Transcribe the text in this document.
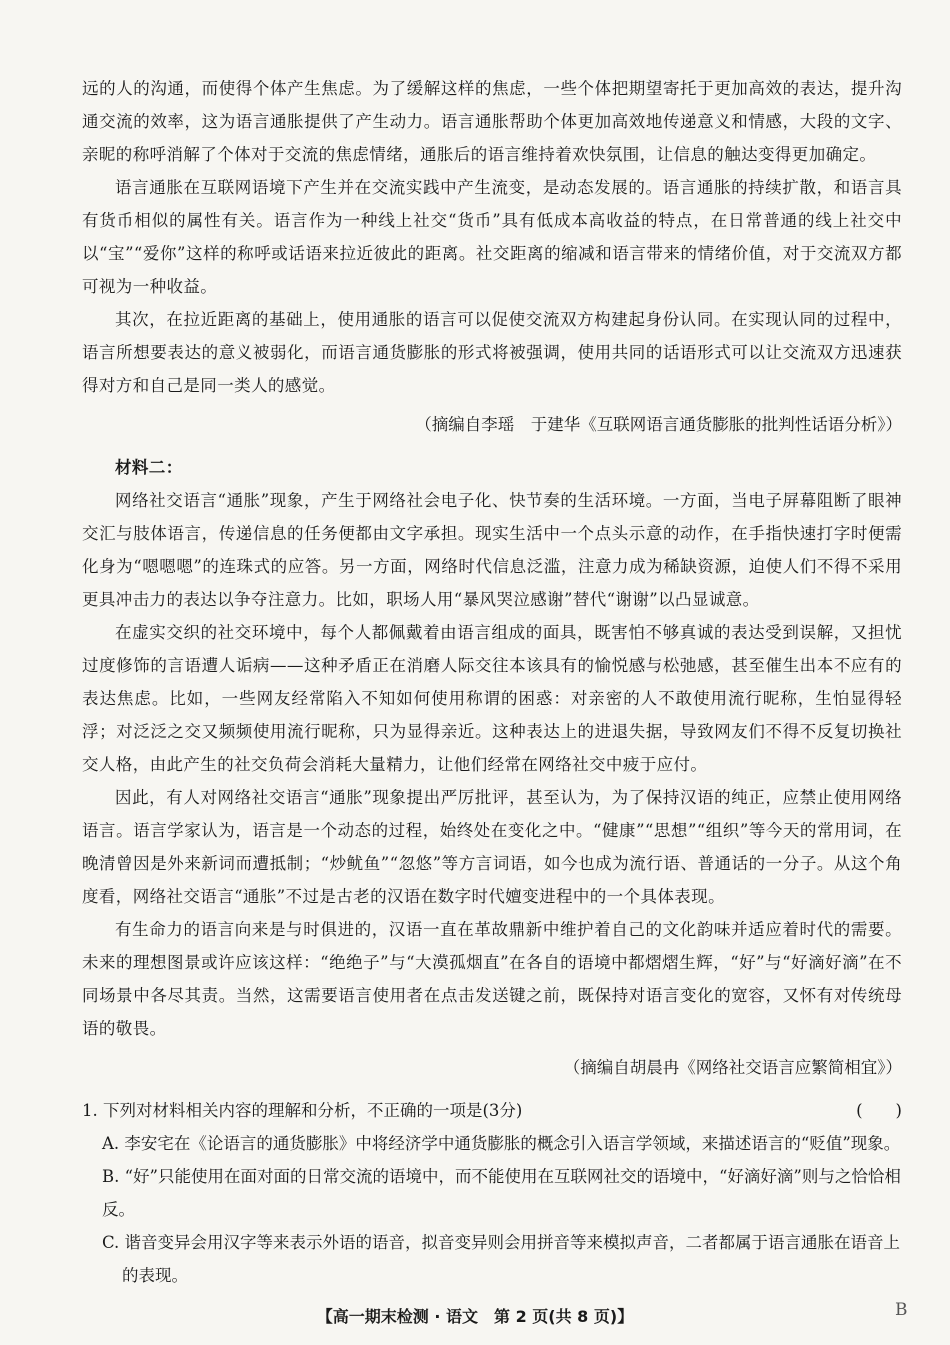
远的人的沟通，而使得个体产生焦虑。为了缓解这样的焦虑，一些个体把期望寄托于更加高效的表达，提升沟通交流的效率，这为语言通胀提供了产生动力。语言通胀帮助个体更加高效地传递意义和情感，大段的文字、亲昵的称呼消解了个体对于交流的焦虑情绪，通胀后的语言维持着欢快氛围，让信息的触达变得更加确定。

语言通胀在互联网语境下产生并在交流实践中产生流变，是动态发展的。语言通胀的持续扩散，和语言具有货币相似的属性有关。语言作为一种线上社交“货币”具有低成本高收益的特点，在日常普通的线上社交中以“宝”“爱你”这样的称呼或话语来拉近彼此的距离。社交距离的缩减和语言带来的情绪价值，对于交流双方都可视为一种收益。

其次，在拉近距离的基础上，使用通胀的语言可以促使交流双方构建起身份认同。在实现认同的过程中，语言所想要表达的意义被弱化，而语言通货膨胀的形式将被强调，使用共同的话语形式可以让交流双方迅速获得对方和自己是同一类人的感觉。

（摘编自李瑶　于建华《互联网语言通货膨胀的批判性话语分析》）

材料二：

网络社交语言“通胀”现象，产生于网络社会电子化、快节奏的生活环境。一方面，当电子屏幕阻断了眼神交汇与肢体语言，传递信息的任务便都由文字承担。现实生活中一个点头示意的动作，在手指快速打字时便需化身为“嗯嗯嗯”的连珠式的应答。另一方面，网络时代信息泛滥，注意力成为稀缺资源，迫使人们不得不采用更具冲击力的表达以争夺注意力。比如，职场人用“暴风哭泣感谢”替代“谢谢”以凸显诚意。

在虚实交织的社交环境中，每个人都佩戴着由语言组成的面具，既害怕不够真诚的表达受到误解，又担忧过度修饰的言语遭人诟病——这种矛盾正在消磨人际交往本该具有的愉悦感与松弛感，甚至催生出本不应有的表达焦虑。比如，一些网友经常陷入不知如何使用称谓的困惑：对亲密的人不敢使用流行昵称，生怕显得轻浮；对泛泛之交又频频使用流行昵称，只为显得亲近。这种表达上的进退失据，导致网友们不得不反复切换社交人格，由此产生的社交负荷会消耗大量精力，让他们经常在网络社交中疲于应付。

因此，有人对网络社交语言“通胀”现象提出严厉批评，甚至认为，为了保持汉语的纯正，应禁止使用网络语言。语言学家认为，语言是一个动态的过程，始终处在变化之中。“健康”“思想”“组织”等今天的常用词，在晚清曾因是外来新词而遭抵制；“炒鱿鱼”“忽悠”等方言词语，如今也成为流行语、普通话的一分子。从这个角度看，网络社交语言“通胀”不过是古老的汉语在数字时代嬗变进程中的一个具体表现。

有生命力的语言向来是与时俱进的，汉语一直在革故鼎新中维护着自己的文化韵味并适应着时代的需要。未来的理想图景或许应该这样：“绝绝子”与“大漠孤烟直”在各自的语境中都熠熠生辉，“好”与“好滴好滴”在不同场景中各尽其责。当然，这需要语言使用者在点击发送键之前，既保持对语言变化的宽容，又怀有对传统母语的敬畏。

（摘编自胡晨冉《网络社交语言应繁简相宜》）
1. 下列对材料相关内容的理解和分析，不正确的一项是(3分)	(　　)
A. 李安宅在《论语言的通货膨胀》中将经济学中通货膨胀的概念引入语言学领域，来描述语言的“贬值”现象。
B. “好”只能使用在面对面的日常交流的语境中，而不能使用在互联网社交的语境中，“好滴好滴”则与之恰恰相反。
C. 谐音变异会用汉字等来表示外语的语音，拟音变异则会用拼音等来模拟声音，二者都属于语言通胀在语音上
的表现。
【高一期末检测 · 语文　第 2 页(共 8 页)】	B
